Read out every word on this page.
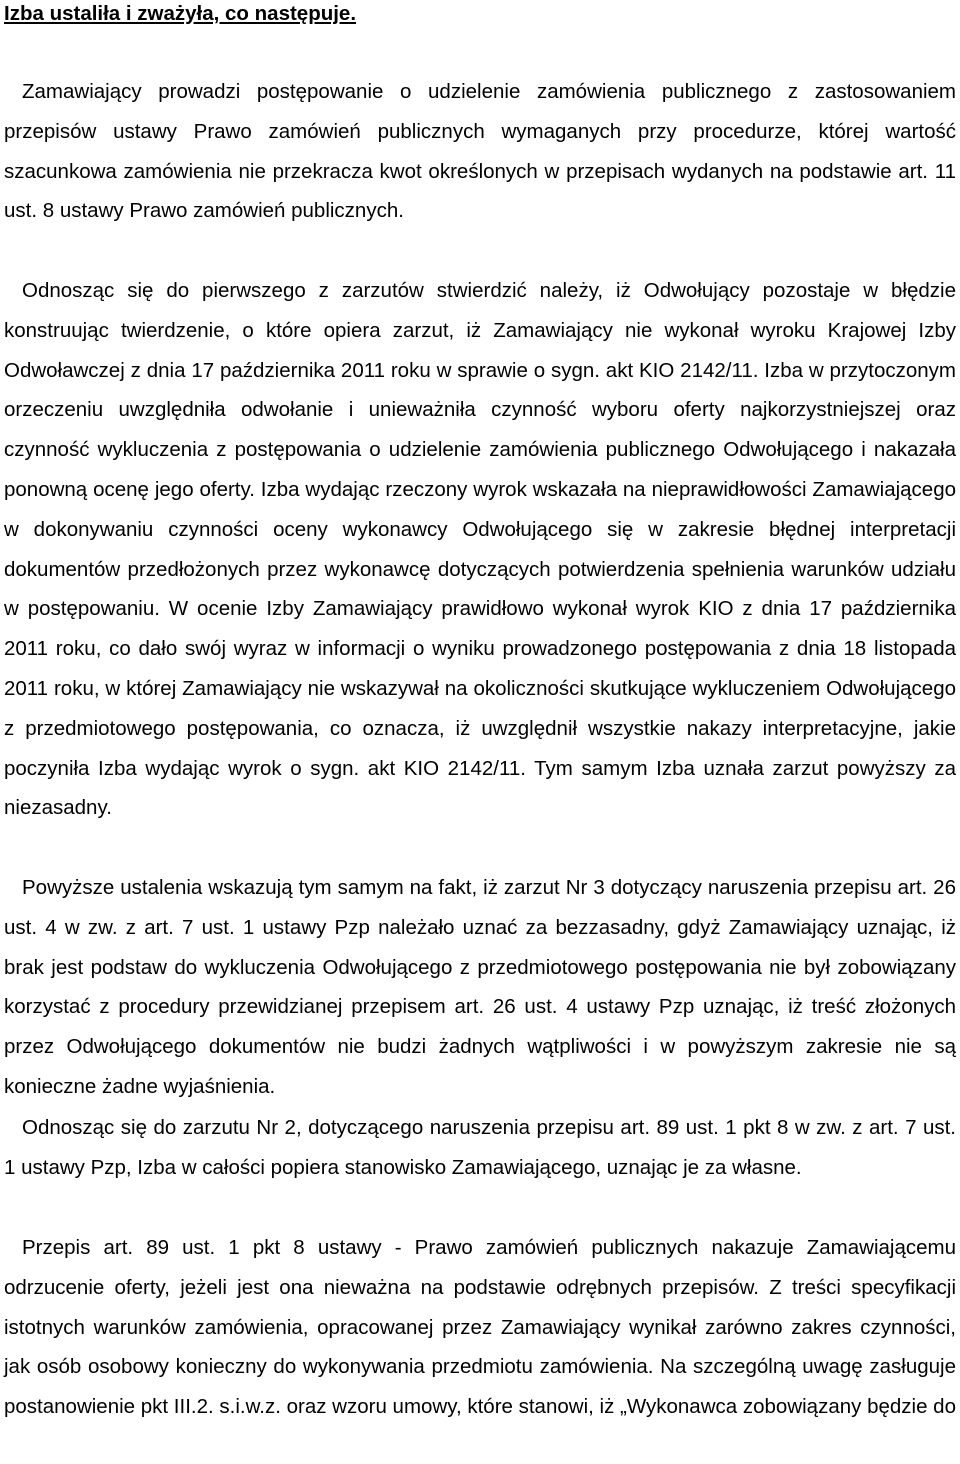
Izba ustaliła i zważyła, co następuje.

Zamawiający prowadzi postępowanie o udzielenie zamówienia publicznego z zastosowaniem przepisów ustawy Prawo zamówień publicznych wymaganych przy procedurze, której wartość szacunkowa zamówienia nie przekracza kwot określonych w przepisach wydanych na podstawie art. 11 ust. 8 ustawy Prawo zamówień publicznych.

Odnosząc się do pierwszego z zarzutów stwierdzić należy, iż Odwołujący pozostaje w błędzie konstruując twierdzenie, o które opiera zarzut, iż Zamawiający nie wykonał wyroku Krajowej Izby Odwoławczej z dnia 17 października 2011 roku w sprawie o sygn. akt KIO 2142/11. Izba w przytoczonym orzeczeniu uwzględniła odwołanie i unieważniła czynność wyboru oferty najkorzystniejszej oraz czynność wykluczenia z postępowania o udzielenie zamówienia publicznego Odwołującego i nakazała ponowną ocenę jego oferty. Izba wydając rzeczony wyrok wskazała na nieprawidłowości Zamawiającego w dokonywaniu czynności oceny wykonawcy Odwołującego się w zakresie błędnej interpretacji dokumentów przedłożonych przez wykonawcę dotyczących potwierdzenia spełnienia warunków udziału w postępowaniu. W ocenie Izby Zamawiający prawidłowo wykonał wyrok KIO z dnia 17 października 2011 roku, co dało swój wyraz w informacji o wyniku prowadzonego postępowania z dnia 18 listopada 2011 roku, w której Zamawiający nie wskazywał na okoliczności skutkujące wykluczeniem Odwołującego z przedmiotowego postępowania, co oznacza, iż uwzględnił wszystkie nakazy interpretacyjne, jakie poczyniła Izba wydając wyrok o sygn. akt KIO 2142/11. Tym samym Izba uznała zarzut powyższy za niezasadny.

Powyższe ustalenia wskazują tym samym na fakt, iż zarzut Nr 3 dotyczący naruszenia przepisu art. 26 ust. 4 w zw. z art. 7 ust. 1 ustawy Pzp należało uznać za bezzasadny, gdyż Zamawiający uznając, iż brak jest podstaw do wykluczenia Odwołującego z przedmiotowego postępowania nie był zobowiązany korzystać z procedury przewidzianej przepisem art. 26 ust. 4 ustawy Pzp uznając, iż treść złożonych przez Odwołującego dokumentów nie budzi żadnych wątpliwości i w powyższym zakresie nie są konieczne żadne wyjaśnienia.

Odnosząc się do zarzutu Nr 2, dotyczącego naruszenia przepisu art. 89 ust. 1 pkt 8 w zw. z art. 7 ust. 1 ustawy Pzp, Izba w całości popiera stanowisko Zamawiającego, uznając je za własne.

Przepis art. 89 ust. 1 pkt 8 ustawy - Prawo zamówień publicznych nakazuje Zamawiającemu odrzucenie oferty, jeżeli jest ona nieważna na podstawie odrębnych przepisów. Z treści specyfikacji istotnych warunków zamówienia, opracowanej przez Zamawiający wynikał zarówno zakres czynności, jak osób osobowy konieczny do wykonywania przedmiotu zamówienia. Na szczególną uwagę zasługuje postanowienie pkt III.2. s.i.w.z. oraz wzoru umowy, które stanowi, iż „Wykonawca zobowiązany będzie do
